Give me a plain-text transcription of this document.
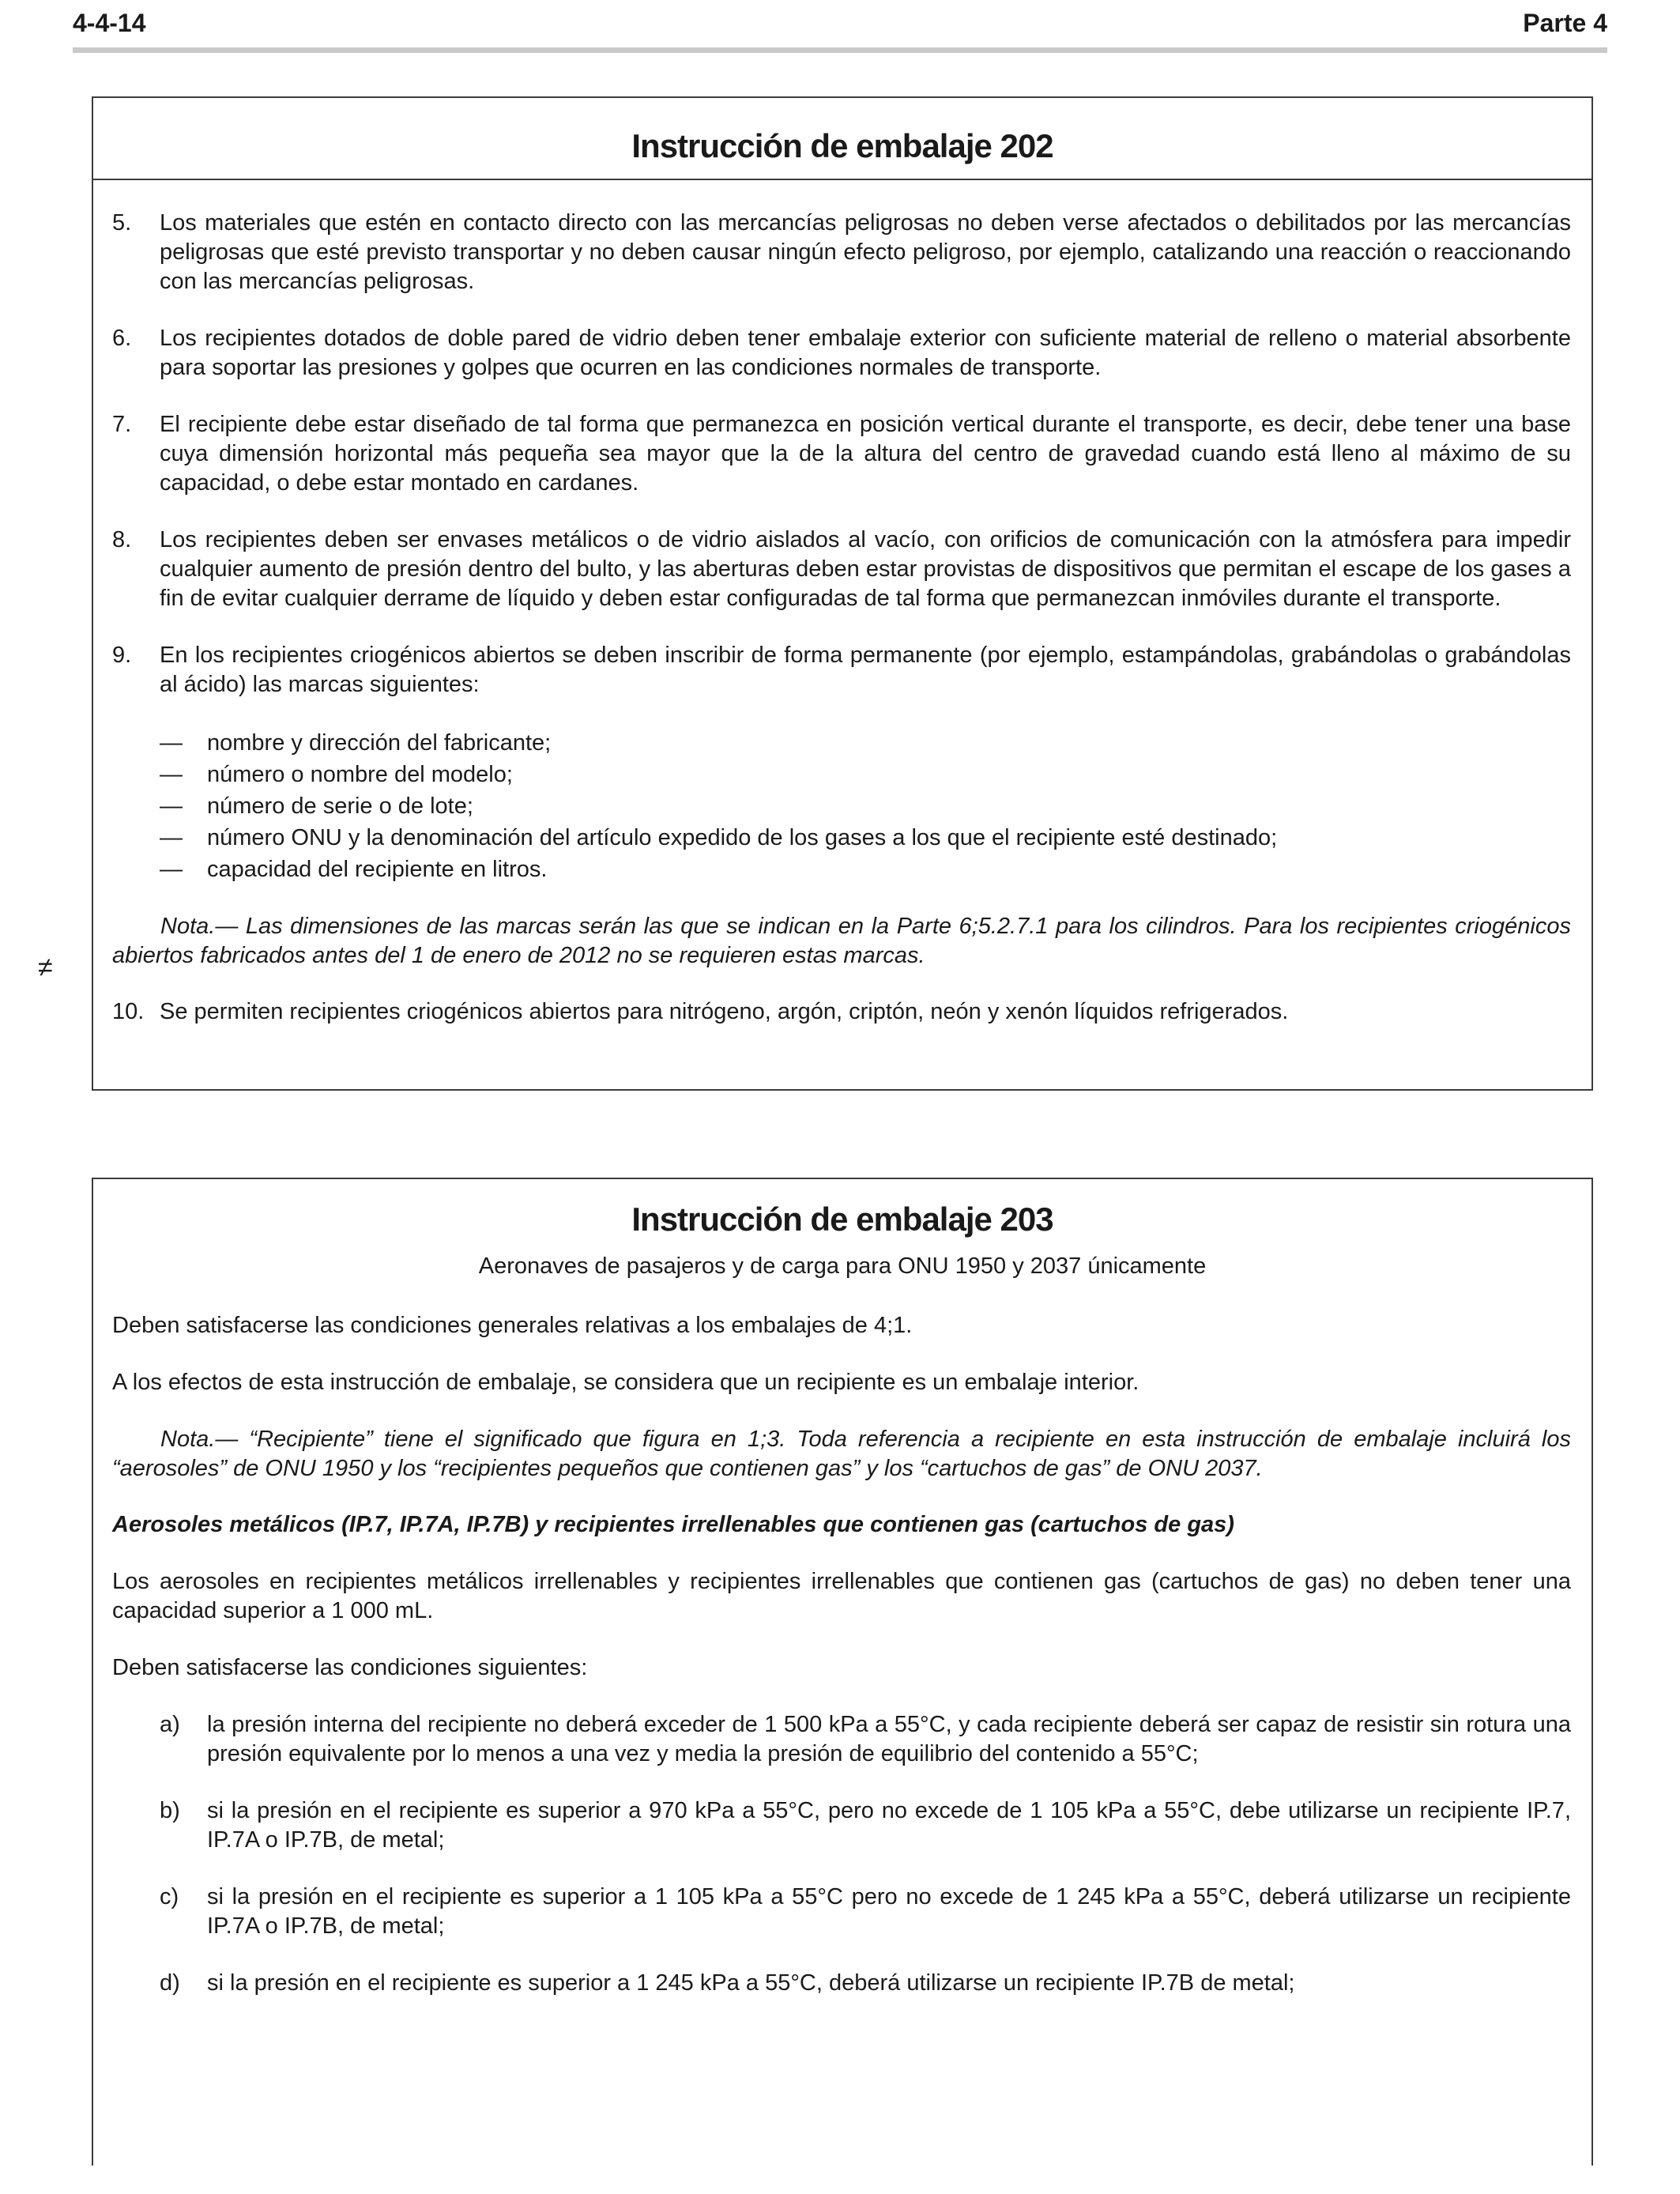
4-4-14	Parte 4
≠
Instrucción de embalaje 202
5.	Los materiales que estén en contacto directo con las mercancías peligrosas no deben verse afectados o debilitados por las mercancías peligrosas que esté previsto transportar y no deben causar ningún efecto peligroso, por ejemplo, catalizando una reacción o reaccionando con las mercancías peligrosas.
6.	Los recipientes dotados de doble pared de vidrio deben tener embalaje exterior con suficiente material de relleno o material absorbente para soportar las presiones y golpes que ocurren en las condiciones normales de transporte.
7.	El recipiente debe estar diseñado de tal forma que permanezca en posición vertical durante el transporte, es decir, debe tener una base cuya dimensión horizontal más pequeña sea mayor que la de la altura del centro de gravedad cuando está lleno al máximo de su capacidad, o debe estar montado en cardanes.
8.	Los recipientes deben ser envases metálicos o de vidrio aislados al vacío, con orificios de comunicación con la atmósfera para impedir cualquier aumento de presión dentro del bulto, y las aberturas deben estar provistas de dispositivos que permitan el escape de los gases a fin de evitar cualquier derrame de líquido y deben estar configuradas de tal forma que permanezcan inmóviles durante el transporte.
9.	En los recipientes criogénicos abiertos se deben inscribir de forma permanente (por ejemplo, estampándolas, grabándolas o grabándolas al ácido) las marcas siguientes:
—	nombre y dirección del fabricante;
—	número o nombre del modelo;
—	número de serie o de lote;
—	número ONU y la denominación del artículo expedido de los gases a los que el recipiente esté destinado;
—	capacidad del recipiente en litros.
Nota.— Las dimensiones de las marcas serán las que se indican en la Parte 6;5.2.7.1 para los cilindros. Para los recipientes criogénicos abiertos fabricados antes del 1 de enero de 2012 no se requieren estas marcas.
10. Se permiten recipientes criogénicos abiertos para nitrógeno, argón, criptón, neón y xenón líquidos refrigerados.
Instrucción de embalaje 203
Aeronaves de pasajeros y de carga para ONU 1950 y 2037 únicamente
Deben satisfacerse las condiciones generales relativas a los embalajes de 4;1.
A los efectos de esta instrucción de embalaje, se considera que un recipiente es un embalaje interior.
Nota.— “Recipiente” tiene el significado que figura en 1;3. Toda referencia a recipiente en esta instrucción de embalaje incluirá los “aerosoles” de ONU 1950 y los “recipientes pequeños que contienen gas” y los “cartuchos de gas” de ONU 2037.
Aerosoles metálicos (IP.7, IP.7A, IP.7B) y recipientes irrellenables que contienen gas (cartuchos de gas)
Los aerosoles en recipientes metálicos irrellenables y recipientes irrellenables que contienen gas (cartuchos de gas) no deben tener una capacidad superior a 1 000 mL.
Deben satisfacerse las condiciones siguientes:
a)	la presión interna del recipiente no deberá exceder de 1 500 kPa a 55°C, y cada recipiente deberá ser capaz de resistir sin rotura una presión equivalente por lo menos a una vez y media la presión de equilibrio del contenido a 55°C;
b)	si la presión en el recipiente es superior a 970 kPa a 55°C, pero no excede de 1 105 kPa a 55°C, debe utilizarse un recipiente IP.7, IP.7A o IP.7B, de metal;
c)	si la presión en el recipiente es superior a 1 105 kPa a 55°C pero no excede de 1 245 kPa a 55°C, deberá utilizarse un recipiente IP.7A o IP.7B, de metal;
d)	si la presión en el recipiente es superior a 1 245 kPa a 55°C, deberá utilizarse un recipiente IP.7B de metal;
